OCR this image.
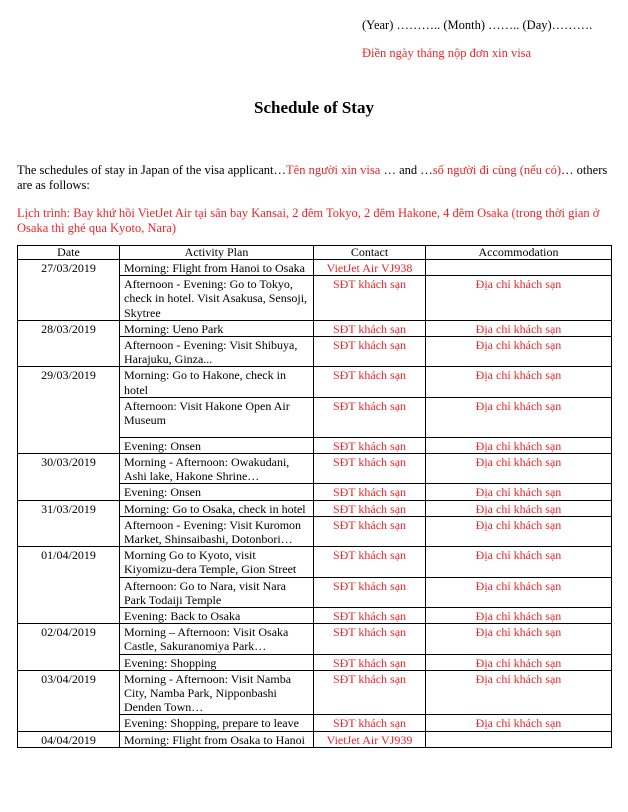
(Year) ……….. (Month) …….. (Day)……….
Điền ngày tháng nộp đơn xin visa
Schedule of Stay
The schedules of stay in Japan of the visa applicant…Tên người xin visa … and …số người đi cùng (nếu có)… others are as follows:
Lịch trình: Bay khứ hồi VietJet Air tại sân bay Kansai, 2 đêm Tokyo, 2 đêm Hakone, 4 đêm Osaka (trong thời gian ở Osaka thì ghé qua Kyoto, Nara)
Date	Activity Plan	Contact	Accommodation
27/03/2019	Morning: Flight from Hanoi to Osaka	VietJet Air VJ938	
	Afternoon - Evening: Go to Tokyo, check in hotel. Visit Asakusa, Sensoji, Skytree	SĐT khách sạn	Địa chỉ khách sạn
28/03/2019	Morning: Ueno Park	SĐT khách sạn	Địa chỉ khách sạn
	Afternoon - Evening: Visit Shibuya, Harajuku, Ginza...	SĐT khách sạn	Địa chỉ khách sạn
29/03/2019	Morning: Go to Hakone, check in hotel	SĐT khách sạn	Địa chỉ khách sạn
	Afternoon: Visit Hakone Open Air Museum	SĐT khách sạn	Địa chỉ khách sạn
	Evening: Onsen	SĐT khách sạn	Địa chỉ khách sạn
30/03/2019	Morning - Afternoon: Owakudani, Ashi lake, Hakone Shrine…	SĐT khách sạn	Địa chỉ khách sạn
	Evening: Onsen	SĐT khách sạn	Địa chỉ khách sạn
31/03/2019	Morning: Go to Osaka, check in hotel	SĐT khách sạn	Địa chỉ khách sạn
	Afternoon - Evening: Visit Kuromon Market, Shinsaibashi, Dotonbori…	SĐT khách sạn	Địa chỉ khách sạn
01/04/2019	Morning Go to Kyoto, visit Kiyomizu-dera Temple, Gion Street	SĐT khách sạn	Địa chỉ khách sạn
	Afternoon: Go to Nara, visit Nara Park Todaiji Temple	SĐT khách sạn	Địa chỉ khách sạn
	Evening: Back to Osaka	SĐT khách sạn	Địa chỉ khách sạn
02/04/2019	Morning – Afternoon: Visit Osaka Castle, Sakuranomiya Park…	SĐT khách sạn	Địa chỉ khách sạn
	Evening: Shopping	SĐT khách sạn	Địa chỉ khách sạn
03/04/2019	Morning - Afternoon: Visit Namba City, Namba Park, Nipponbashi Denden Town…	SĐT khách sạn	Địa chỉ khách sạn
	Evening: Shopping, prepare to leave	SĐT khách sạn	Địa chỉ khách sạn
04/04/2019	Morning: Flight from Osaka to Hanoi	VietJet Air VJ939	
